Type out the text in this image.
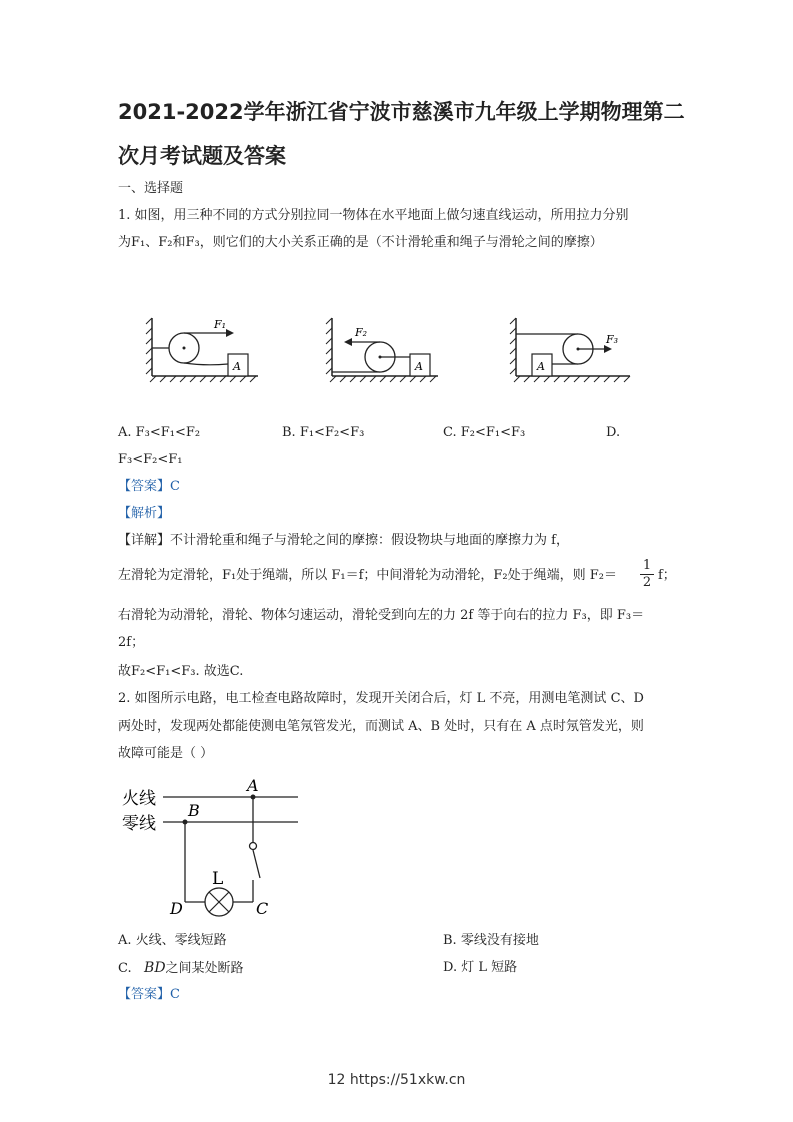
2021-2022学年浙江省宁波市慈溪市九年级上学期物理第二
次月考试题及答案
一、选择题
1. 如图，用三种不同的方式分别拉同一物体在水平地面上做匀速直线运动，所用拉力分别
为F₁、F₂和F₃，则它们的大小关系正确的是（不计滑轮重和绳子与滑轮之间的摩擦）
F₁
A
F₂
A
F₃
A
A. F₃<F₁<F₂	B. F₁<F₂<F₃	C. F₂<F₁<F₃	D.
F₃<F₂<F₁
【答案】C
【解析】
【详解】不计滑轮重和绳子与滑轮之间的摩擦：假设物块与地面的摩擦力为 f，
左滑轮为定滑轮，F₁处于绳端，所以 F₁＝f；中间滑轮为动滑轮，F₂处于绳端，则 $F_2= \frac{1}{2}$ f；
右滑轮为动滑轮，滑轮、物体匀速运动，滑轮受到向左的力 2f 等于向右的拉力 F₃，即 F₃＝
2f；
故F₂<F₁<F₃. 故选C.
2. 如图所示电路，电工检查电路故障时，发现开关闭合后，灯 L 不亮，用测电笔测试 C、D
两处时，发现两处都能使测电笔氖管发光，而测试 A、B 处时，只有在 A 点时氖管发光，则
故障可能是（ ）
火线
零线
A
B
L
D	C
A. 火线、零线短路	B. 零线没有接地
C. BD之间某处断路	D. 灯 L 短路
【答案】C
12 https://51xkw.cn
